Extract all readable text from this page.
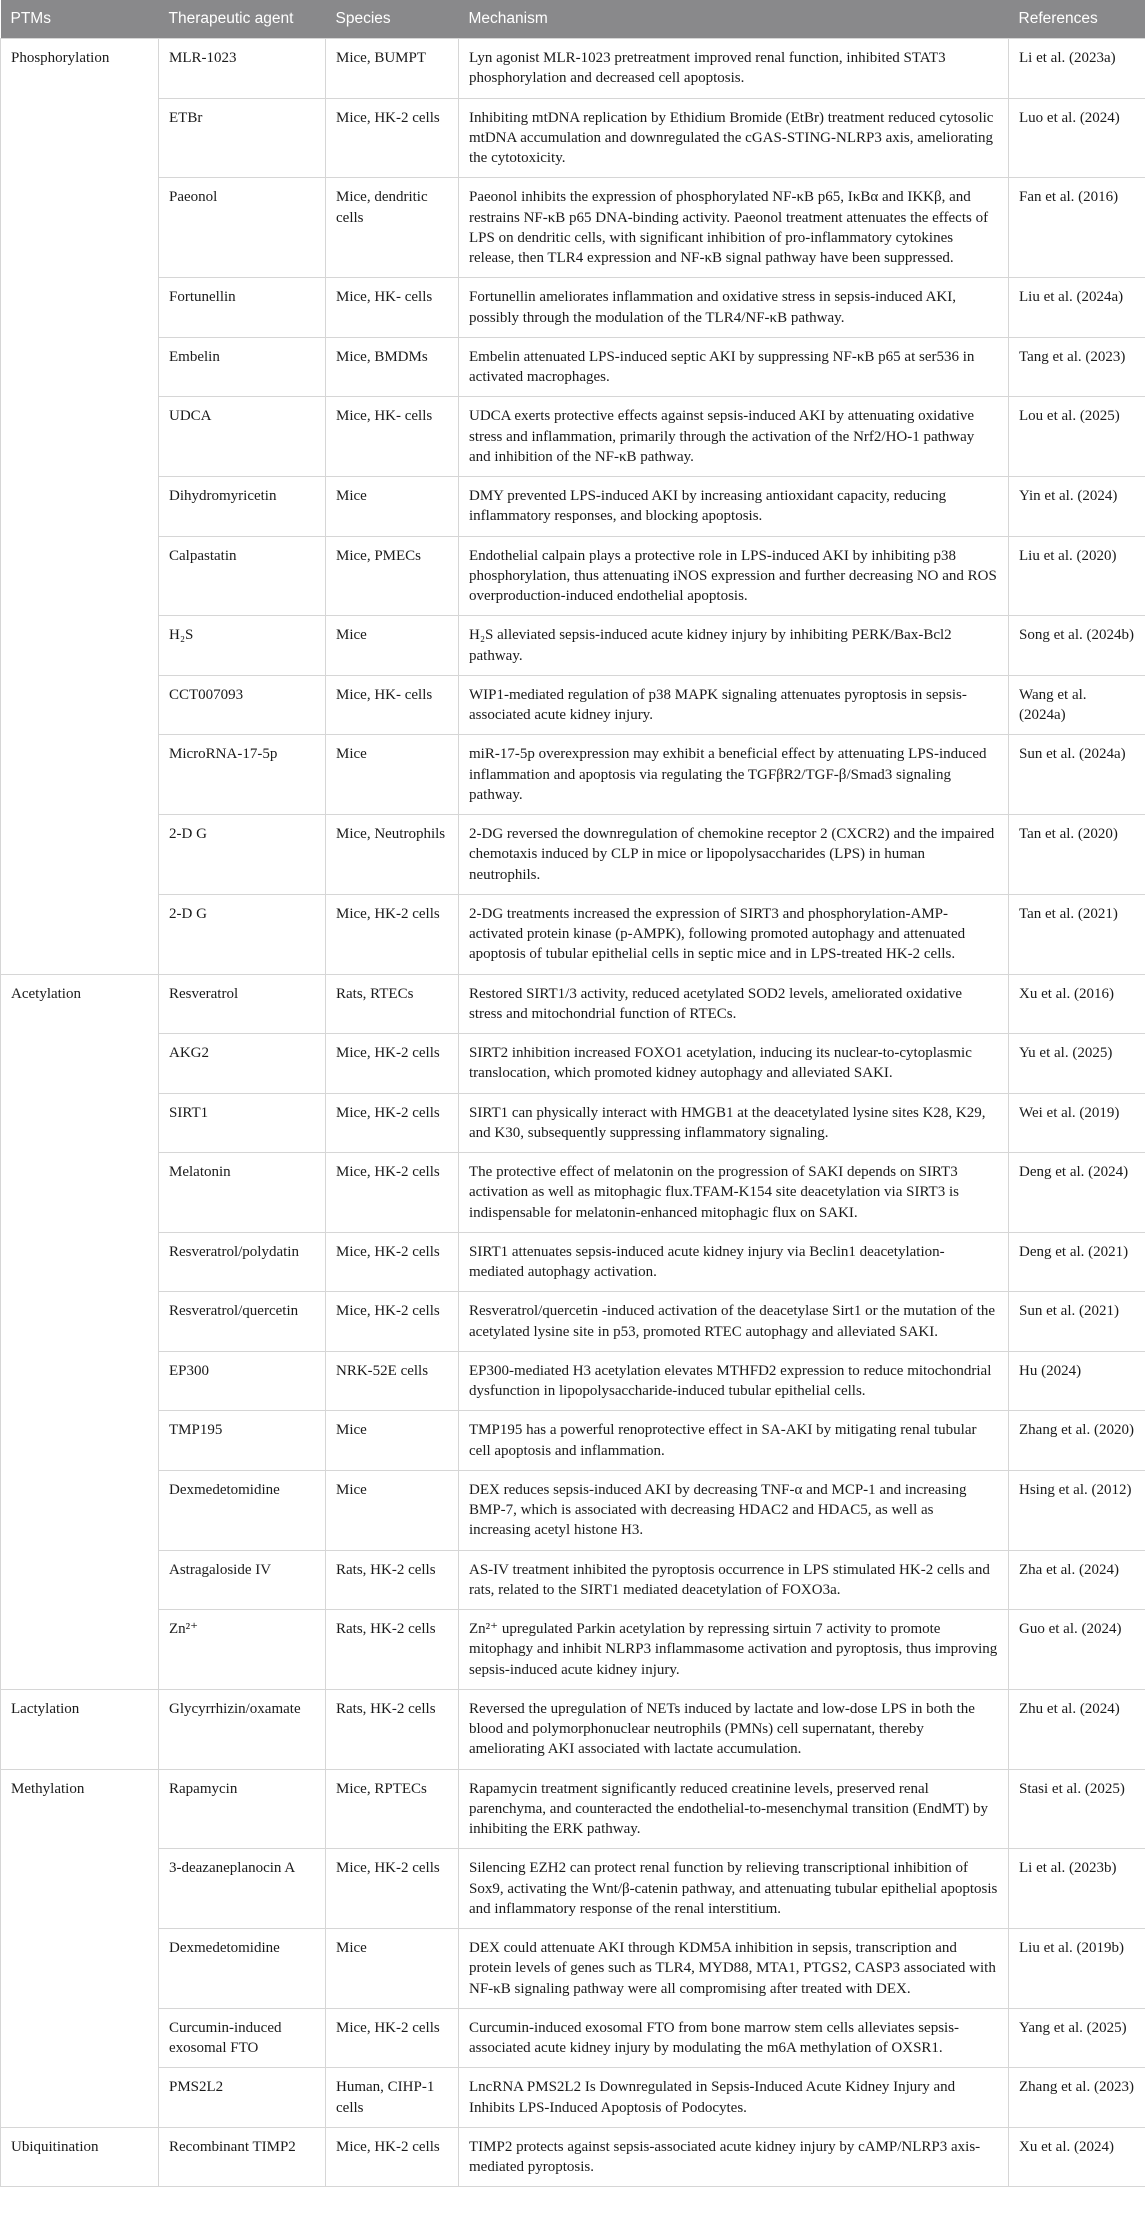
PTMs	Therapeutic agent	Species	Mechanism	References
Phosphorylation	MLR-1023	Mice, BUMPT	Lyn agonist MLR-1023 pretreatment improved renal function, inhibited STAT3 phosphorylation and decreased cell apoptosis.	Li et al. (2023a)
	ETBr	Mice, HK-2 cells	Inhibiting mtDNA replication by Ethidium Bromide (EtBr) treatment reduced cytosolic mtDNA accumulation and downregulated the cGAS-STING-NLRP3 axis, ameliorating the cytotoxicity.	Luo et al. (2024)
	Paeonol	Mice, dendritic cells	Paeonol inhibits the expression of phosphorylated NF-κB p65, IκBα and IKKβ, and restrains NF-κB p65 DNA-binding activity. Paeonol treatment attenuates the effects of LPS on dendritic cells, with significant inhibition of pro-inflammatory cytokines release, then TLR4 expression and NF-κB signal pathway have been suppressed.	Fan et al. (2016)
	Fortunellin	Mice, HK- cells	Fortunellin ameliorates inflammation and oxidative stress in sepsis-induced AKI, possibly through the modulation of the TLR4/NF-κB pathway.	Liu et al. (2024a)
	Embelin	Mice, BMDMs	Embelin attenuated LPS-induced septic AKI by suppressing NF-κB p65 at ser536 in activated macrophages.	Tang et al. (2023)
	UDCA	Mice, HK- cells	UDCA exerts protective effects against sepsis-induced AKI by attenuating oxidative stress and inflammation, primarily through the activation of the Nrf2/HO-1 pathway and inhibition of the NF-κB pathway.	Lou et al. (2025)
	Dihydromyricetin	Mice	DMY prevented LPS-induced AKI by increasing antioxidant capacity, reducing inflammatory responses, and blocking apoptosis.	Yin et al. (2024)
	Calpastatin	Mice, PMECs	Endothelial calpain plays a protective role in LPS-induced AKI by inhibiting p38 phosphorylation, thus attenuating iNOS expression and further decreasing NO and ROS overproduction-induced endothelial apoptosis.	Liu et al. (2020)
	H₂S	Mice	H₂S alleviated sepsis-induced acute kidney injury by inhibiting PERK/Bax-Bcl2 pathway.	Song et al. (2024b)
	CCT007093	Mice, HK- cells	WIP1-mediated regulation of p38 MAPK signaling attenuates pyroptosis in sepsis-associated acute kidney injury.	Wang et al. (2024a)
	MicroRNA-17-5p	Mice	miR-17-5p overexpression may exhibit a beneficial effect by attenuating LPS-induced inflammation and apoptosis via regulating the TGFβR2/TGF-β/Smad3 signaling pathway.	Sun et al. (2024a)
	2-D G	Mice, Neutrophils	2-DG reversed the downregulation of chemokine receptor 2 (CXCR2) and the impaired chemotaxis induced by CLP in mice or lipopolysaccharides (LPS) in human neutrophils.	Tan et al. (2020)
	2-D G	Mice, HK-2 cells	2-DG treatments increased the expression of SIRT3 and phosphorylation-AMP-activated protein kinase (p-AMPK), following promoted autophagy and attenuated apoptosis of tubular epithelial cells in septic mice and in LPS-treated HK-2 cells.	Tan et al. (2021)
Acetylation	Resveratrol	Rats, RTECs	Restored SIRT1/3 activity, reduced acetylated SOD2 levels, ameliorated oxidative stress and mitochondrial function of RTECs.	Xu et al. (2016)
	AKG2	Mice, HK-2 cells	SIRT2 inhibition increased FOXO1 acetylation, inducing its nuclear-to-cytoplasmic translocation, which promoted kidney autophagy and alleviated SAKI.	Yu et al. (2025)
	SIRT1	Mice, HK-2 cells	SIRT1 can physically interact with HMGB1 at the deacetylated lysine sites K28, K29, and K30, subsequently suppressing inflammatory signaling.	Wei et al. (2019)
	Melatonin	Mice, HK-2 cells	The protective effect of melatonin on the progression of SAKI depends on SIRT3 activation as well as mitophagic flux.TFAM-K154 site deacetylation via SIRT3 is indispensable for melatonin-enhanced mitophagic flux on SAKI.	Deng et al. (2024)
	Resveratrol/polydatin	Mice, HK-2 cells	SIRT1 attenuates sepsis-induced acute kidney injury via Beclin1 deacetylation-mediated autophagy activation.	Deng et al. (2021)
	Resveratrol/quercetin	Mice, HK-2 cells	Resveratrol/quercetin -induced activation of the deacetylase Sirt1 or the mutation of the acetylated lysine site in p53, promoted RTEC autophagy and alleviated SAKI.	Sun et al. (2021)
	EP300	NRK-52E cells	EP300-mediated H3 acetylation elevates MTHFD2 expression to reduce mitochondrial dysfunction in lipopolysaccharide-induced tubular epithelial cells.	Hu (2024)
	TMP195	Mice	TMP195 has a powerful renoprotective effect in SA-AKI by mitigating renal tubular cell apoptosis and inflammation.	Zhang et al. (2020)
	Dexmedetomidine	Mice	DEX reduces sepsis-induced AKI by decreasing TNF-α and MCP-1 and increasing BMP-7, which is associated with decreasing HDAC2 and HDAC5, as well as increasing acetyl histone H3.	Hsing et al. (2012)
	Astragaloside IV	Rats, HK-2 cells	AS-IV treatment inhibited the pyroptosis occurrence in LPS stimulated HK-2 cells and rats, related to the SIRT1 mediated deacetylation of FOXO3a.	Zha et al. (2024)
	Zn²⁺	Rats, HK-2 cells	Zn²⁺ upregulated Parkin acetylation by repressing sirtuin 7 activity to promote mitophagy and inhibit NLRP3 inflammasome activation and pyroptosis, thus improving sepsis-induced acute kidney injury.	Guo et al. (2024)
Lactylation	Glycyrrhizin/oxamate	Rats, HK-2 cells	Reversed the upregulation of NETs induced by lactate and low-dose LPS in both the blood and polymorphonuclear neutrophils (PMNs) cell supernatant, thereby ameliorating AKI associated with lactate accumulation.	Zhu et al. (2024)
Methylation	Rapamycin	Mice, RPTECs	Rapamycin treatment significantly reduced creatinine levels, preserved renal parenchyma, and counteracted the endothelial-to-mesenchymal transition (EndMT) by inhibiting the ERK pathway.	Stasi et al. (2025)
	3-deazaneplanocin A	Mice, HK-2 cells	Silencing EZH2 can protect renal function by relieving transcriptional inhibition of Sox9, activating the Wnt/β-catenin pathway, and attenuating tubular epithelial apoptosis and inflammatory response of the renal interstitium.	Li et al. (2023b)
	Dexmedetomidine	Mice	DEX could attenuate AKI through KDM5A inhibition in sepsis, transcription and protein levels of genes such as TLR4, MYD88, MTA1, PTGS2, CASP3 associated with NF-κB signaling pathway were all compromising after treated with DEX.	Liu et al. (2019b)
	Curcumin-induced exosomal FTO	Mice, HK-2 cells	Curcumin-induced exosomal FTO from bone marrow stem cells alleviates sepsis-associated acute kidney injury by modulating the m6A methylation of OXSR1.	Yang et al. (2025)
	PMS2L2	Human, CIHP-1 cells	LncRNA PMS2L2 Is Downregulated in Sepsis-Induced Acute Kidney Injury and Inhibits LPS-Induced Apoptosis of Podocytes.	Zhang et al. (2023)
Ubiquitination	Recombinant TIMP2	Mice, HK-2 cells	TIMP2 protects against sepsis-associated acute kidney injury by cAMP/NLRP3 axis-mediated pyroptosis.	Xu et al. (2024)
